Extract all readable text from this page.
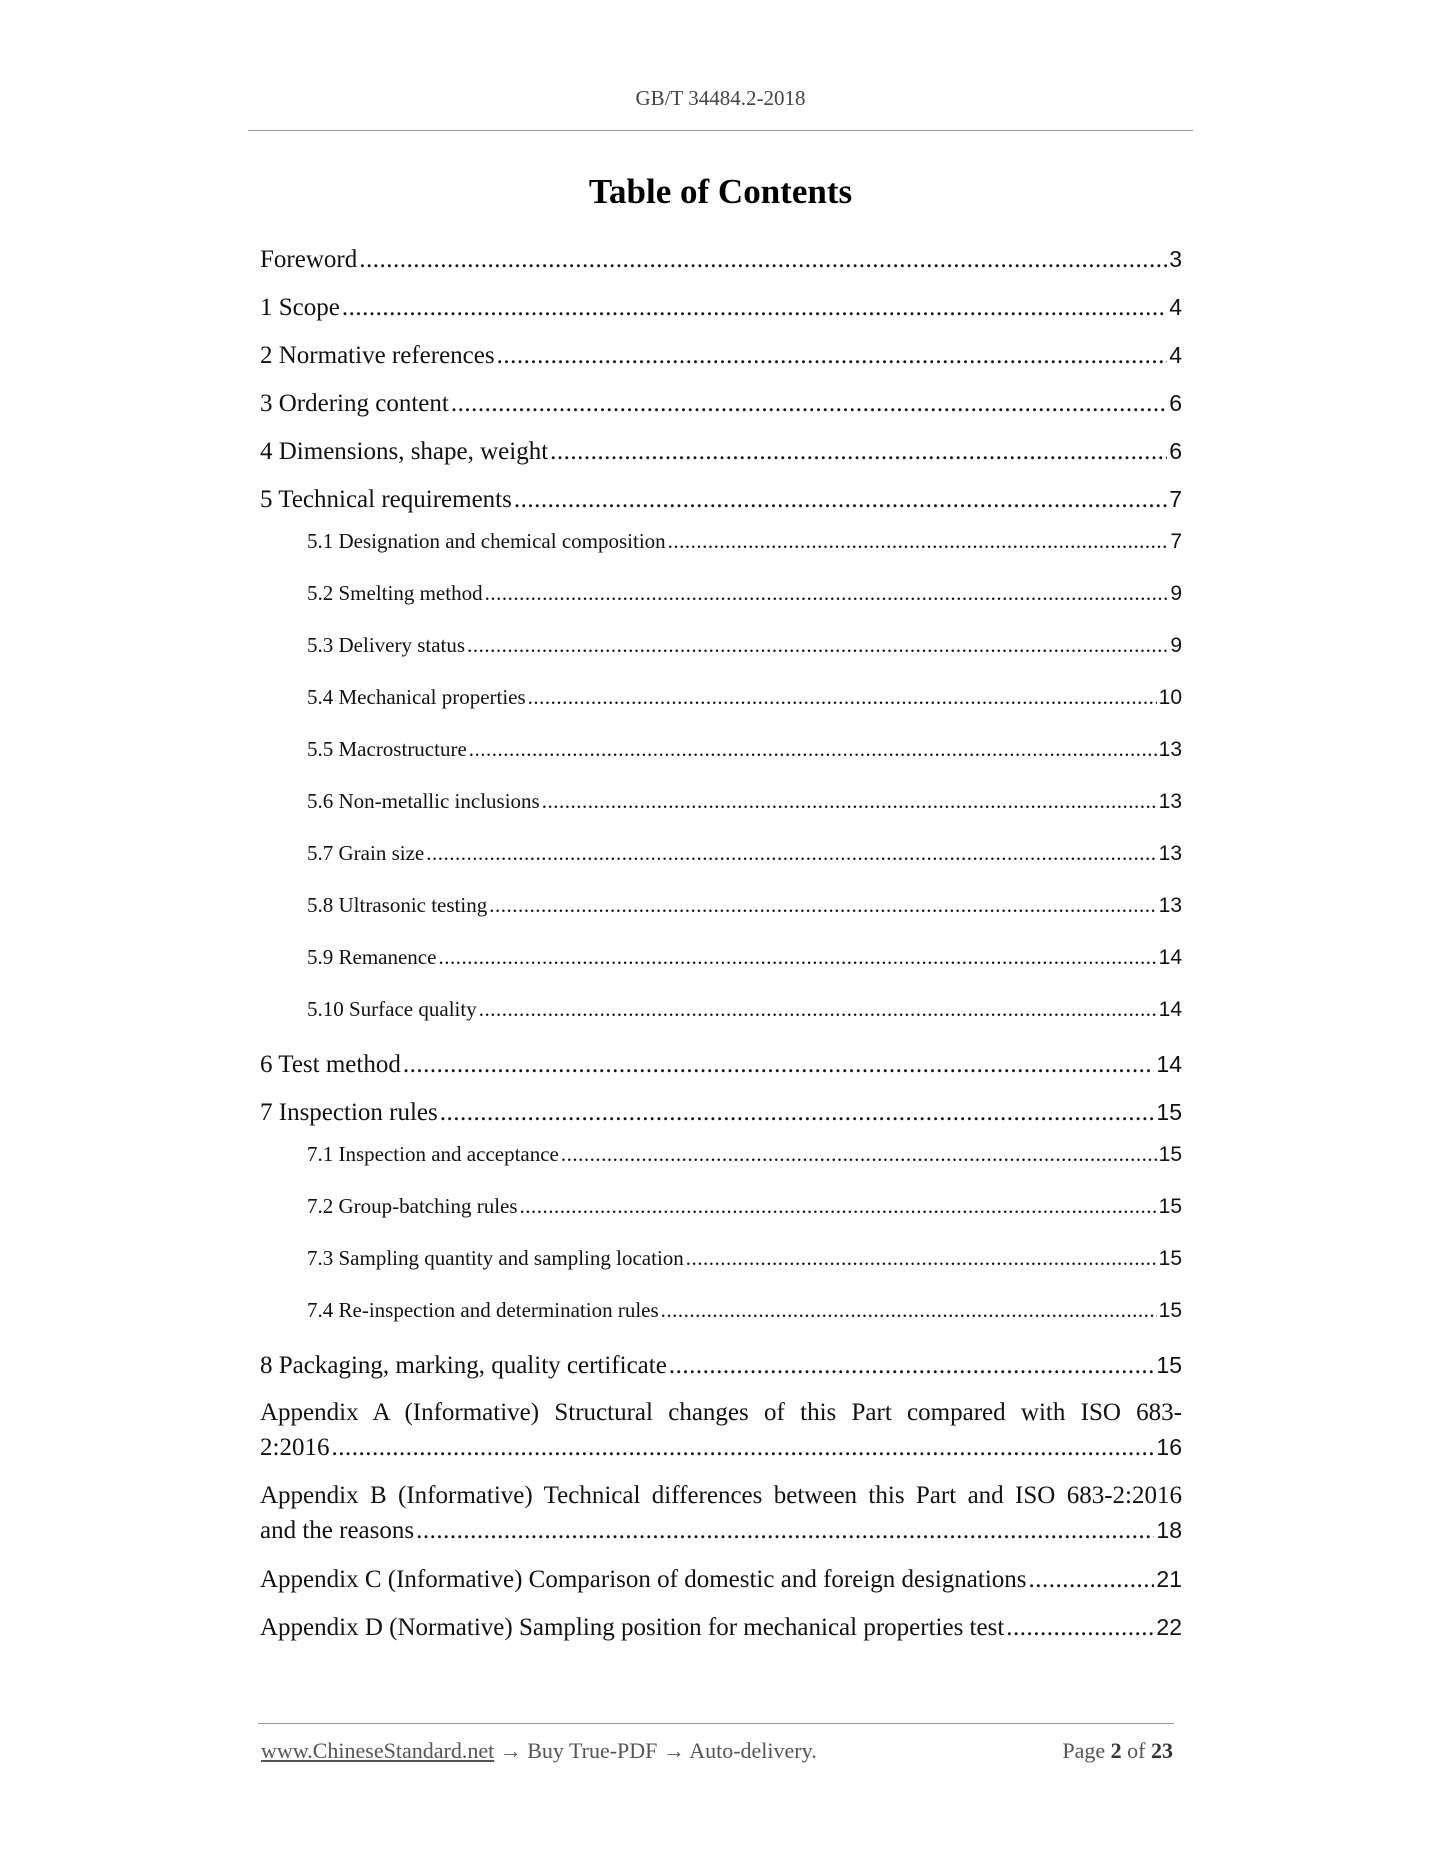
GB/T 34484.2-2018
Table of Contents
Foreword .....	3
1 Scope .....	4
2 Normative references .....	4
3 Ordering content .....	6
4 Dimensions, shape, weight .....	6
5 Technical requirements .....	7
5.1 Designation and chemical composition .....	7
5.2 Smelting method .....	9
5.3 Delivery status .....	9
5.4 Mechanical properties .....	10
5.5 Macrostructure .....	13
5.6 Non-metallic inclusions .....	13
5.7 Grain size .....	13
5.8 Ultrasonic testing .....	13
5.9 Remanence .....	14
5.10 Surface quality .....	14
6 Test method .....	14
7 Inspection rules .....	15
7.1 Inspection and acceptance .....	15
7.2 Group-batching rules .....	15
7.3 Sampling quantity and sampling location .....	15
7.4 Re-inspection and determination rules .....	15
8 Packaging, marking, quality certificate .....	15
Appendix A (Informative) Structural changes of this Part compared with ISO 683-
2:2016 .....	16
Appendix B (Informative) Technical differences between this Part and ISO 683-2:2016
and the reasons .....	18
Appendix C (Informative) Comparison of domestic and foreign designations .....	21
Appendix D (Normative) Sampling position for mechanical properties test .....	22
www.ChineseStandard.net → Buy True-PDF → Auto-delivery.	Page 2 of 23
